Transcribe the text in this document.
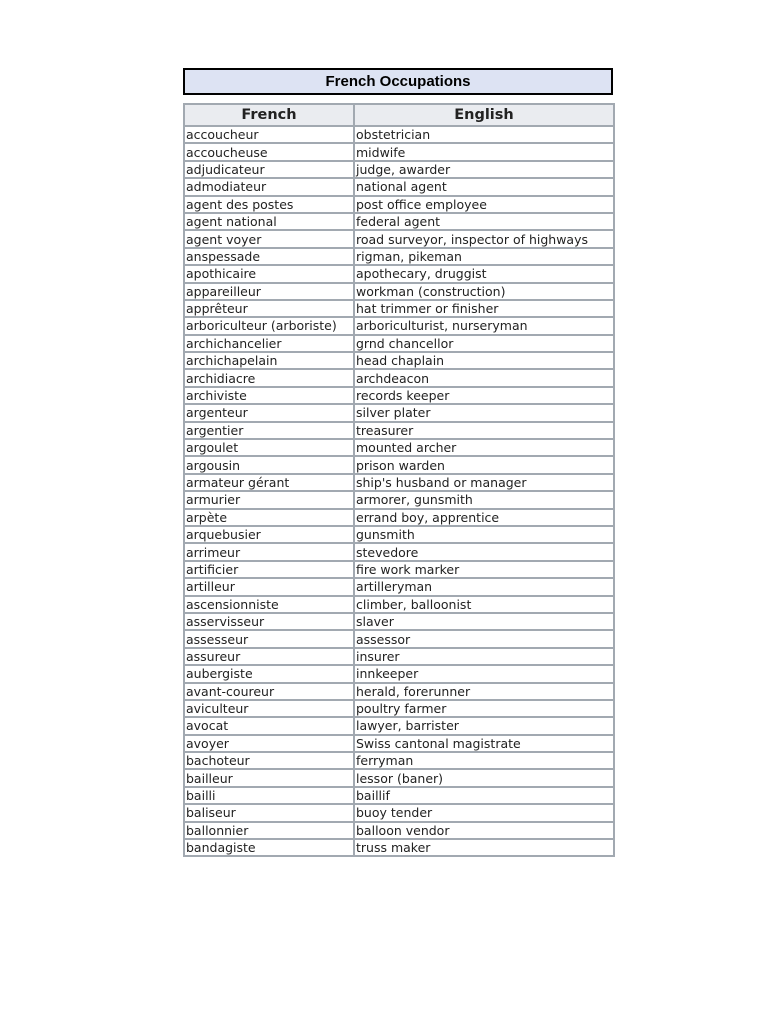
French Occupations
French	English
accoucheur	obstetrician
accoucheuse	midwife
adjudicateur	judge, awarder
admodiateur	national agent
agent des postes	post office employee
agent national	federal agent
agent voyer	road surveyor, inspector of highways
anspessade	rigman, pikeman
apothicaire	apothecary, druggist
appareilleur	workman (construction)
apprêteur	hat trimmer or finisher
arboriculteur (arboriste)	arboriculturist, nurseryman
archichancelier	grnd chancellor
archichapelain	head chaplain
archidiacre	archdeacon
archiviste	records keeper
argenteur	silver plater
argentier	treasurer
argoulet	mounted archer
argousin	prison warden
armateur gérant	ship's husband or manager
armurier	armorer, gunsmith
arpète	errand boy, apprentice
arquebusier	gunsmith
arrimeur	stevedore
artificier	fire work marker
artilleur	artilleryman
ascensionniste	climber, balloonist
asservisseur	slaver
assesseur	assessor
assureur	insurer
aubergiste	innkeeper
avant-coureur	herald, forerunner
aviculteur	poultry farmer
avocat	lawyer, barrister
avoyer	Swiss cantonal magistrate
bachoteur	ferryman
bailleur	lessor (baner)
bailli	baillif
baliseur	buoy tender
ballonnier	balloon vendor
bandagiste	truss maker
